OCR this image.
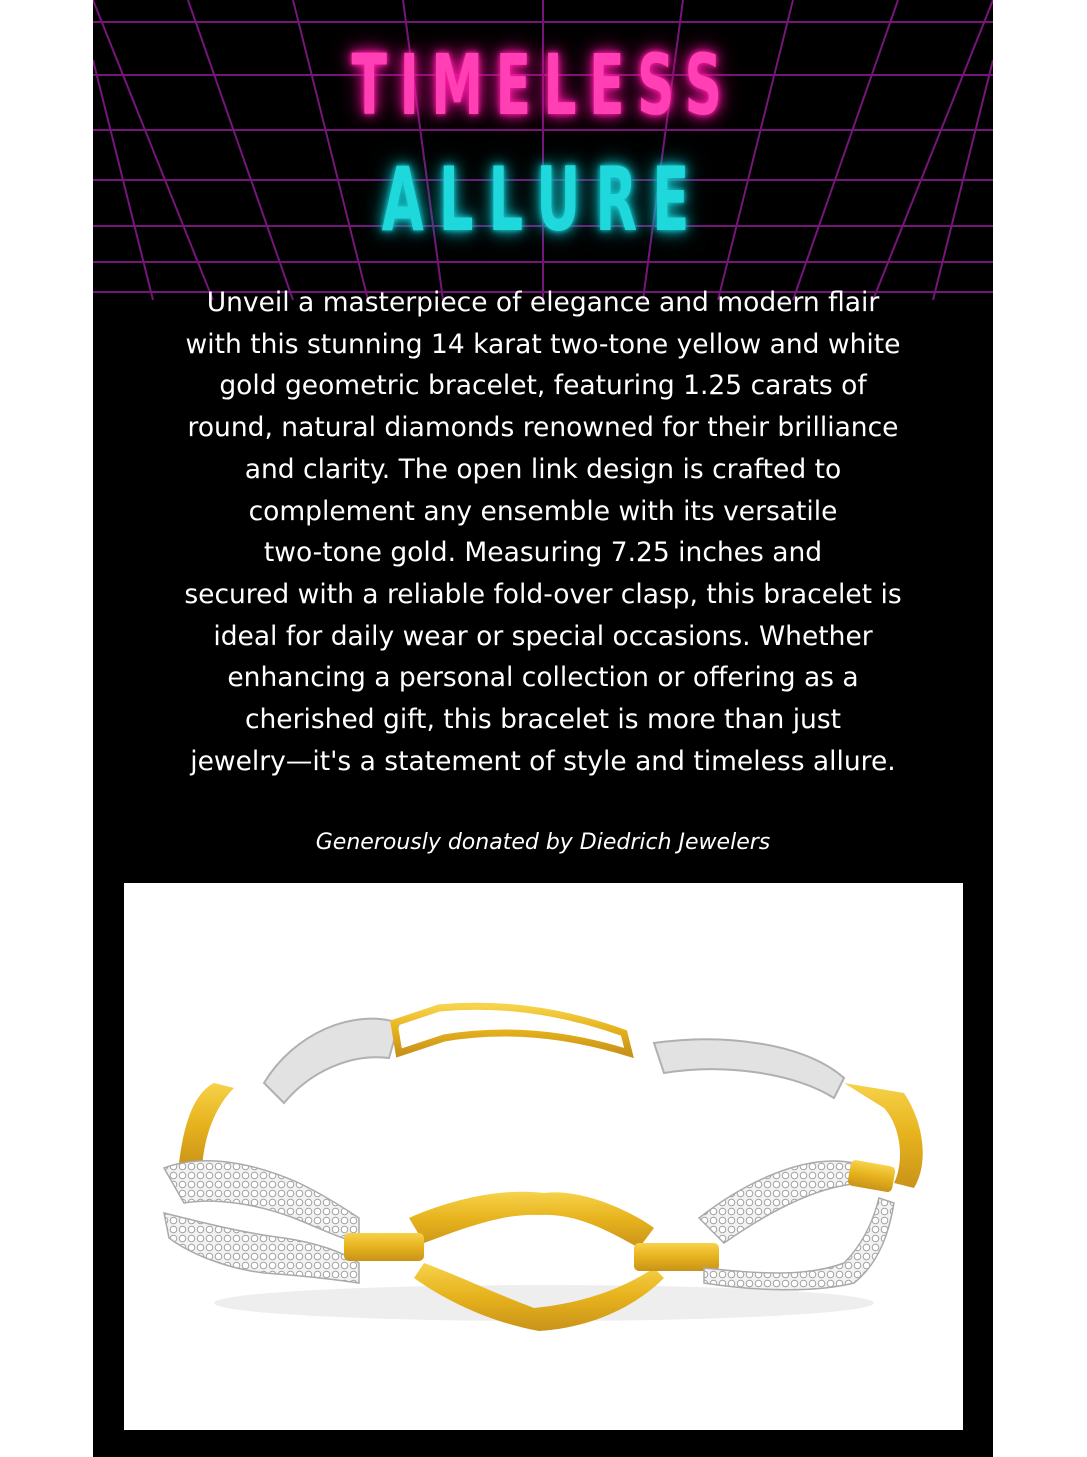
TIMELESS
ALLURE

Unveil a masterpiece of elegance and modern flair
with this stunning 14 karat two-tone yellow and white
gold geometric bracelet, featuring 1.25 carats of
round, natural diamonds renowned for their brilliance
and clarity. The open link design is crafted to
complement any ensemble with its versatile
two-tone gold. Measuring 7.25 inches and
secured with a reliable fold-over clasp, this bracelet is
ideal for daily wear or special occasions. Whether
enhancing a personal collection or offering as a
cherished gift, this bracelet is more than just
jewelry—it's a statement of style and timeless allure.

Generously donated by Diedrich Jewelers
